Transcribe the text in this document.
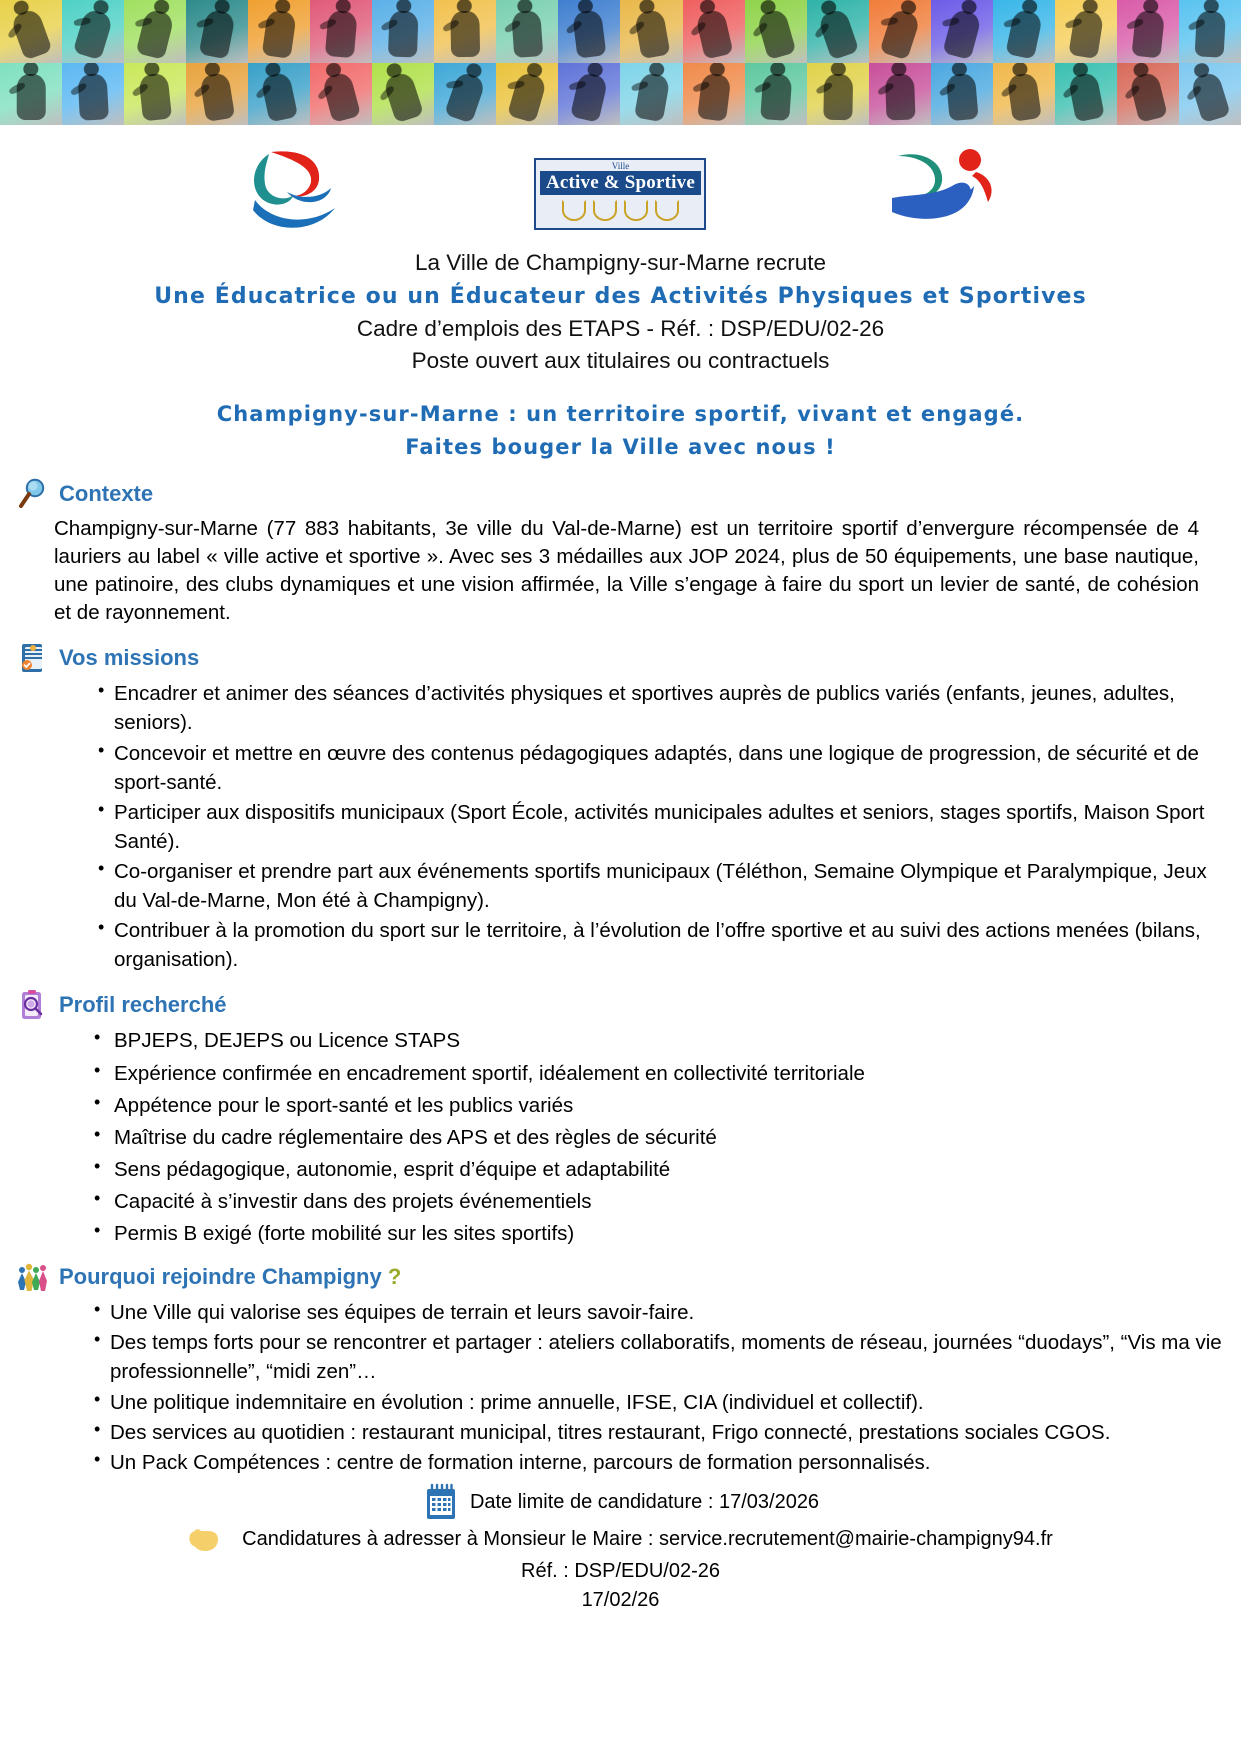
Ville
Active & Sportive
La Ville de Champigny-sur-Marne recrute
Une Éducatrice ou un Éducateur des Activités Physiques et Sportives
Cadre d’emplois des ETAPS - Réf. : DSP/EDU/02-26
Poste ouvert aux titulaires ou contractuels
Champigny-sur-Marne : un territoire sportif, vivant et engagé.
Faites bouger la Ville avec nous !
Contexte

Champigny-sur-Marne (77 883 habitants, 3e ville du Val-de-Marne) est un territoire sportif d’envergure récompensée de 4 lauriers au label « ville active et sportive ». Avec ses 3 médailles aux JOP 2024, plus de 50 équipements, une base nautique, une patinoire, des clubs dynamiques et une vision affirmée, la Ville s’engage à faire du sport un levier de santé, de cohésion et de rayonnement.

Vos missions
• Encadrer et animer des séances d’activités physiques et sportives auprès de publics variés (enfants, jeunes, adultes, seniors).
• Concevoir et mettre en œuvre des contenus pédagogiques adaptés, dans une logique de progression, de sécurité et de sport-santé.
• Participer aux dispositifs municipaux (Sport École, activités municipales adultes et seniors, stages sportifs, Maison Sport Santé).
• Co-organiser et prendre part aux événements sportifs municipaux (Téléthon, Semaine Olympique et Paralympique, Jeux du Val-de-Marne, Mon été à Champigny).
• Contribuer à la promotion du sport sur le territoire, à l’évolution de l’offre sportive et au suivi des actions menées (bilans, organisation).
Profil recherché
• BPJEPS, DEJEPS ou Licence STAPS
• Expérience confirmée en encadrement sportif, idéalement en collectivité territoriale
• Appétence pour le sport-santé et les publics variés
• Maîtrise du cadre réglementaire des APS et des règles de sécurité
• Sens pédagogique, autonomie, esprit d’équipe et adaptabilité
• Capacité à s’investir dans des projets événementiels
• Permis B exigé (forte mobilité sur les sites sportifs)
Pourquoi rejoindre Champigny ?
• Une Ville qui valorise ses équipes de terrain et leurs savoir-faire.
• Des temps forts pour se rencontrer et partager : ateliers collaboratifs, moments de réseau, journées “duodays”, “Vis ma vie professionnelle”, “midi zen”…
• Une politique indemnitaire en évolution : prime annuelle, IFSE, CIA (individuel et collectif).
• Des services au quotidien : restaurant municipal, titres restaurant, Frigo connecté, prestations sociales CGOS.
• Un Pack Compétences : centre de formation interne, parcours de formation personnalisés.
Date limite de candidature : 17/03/2026
Candidatures à adresser à Monsieur le Maire : service.recrutement@mairie-champigny94.fr
Réf. : DSP/EDU/02-26
17/02/26
